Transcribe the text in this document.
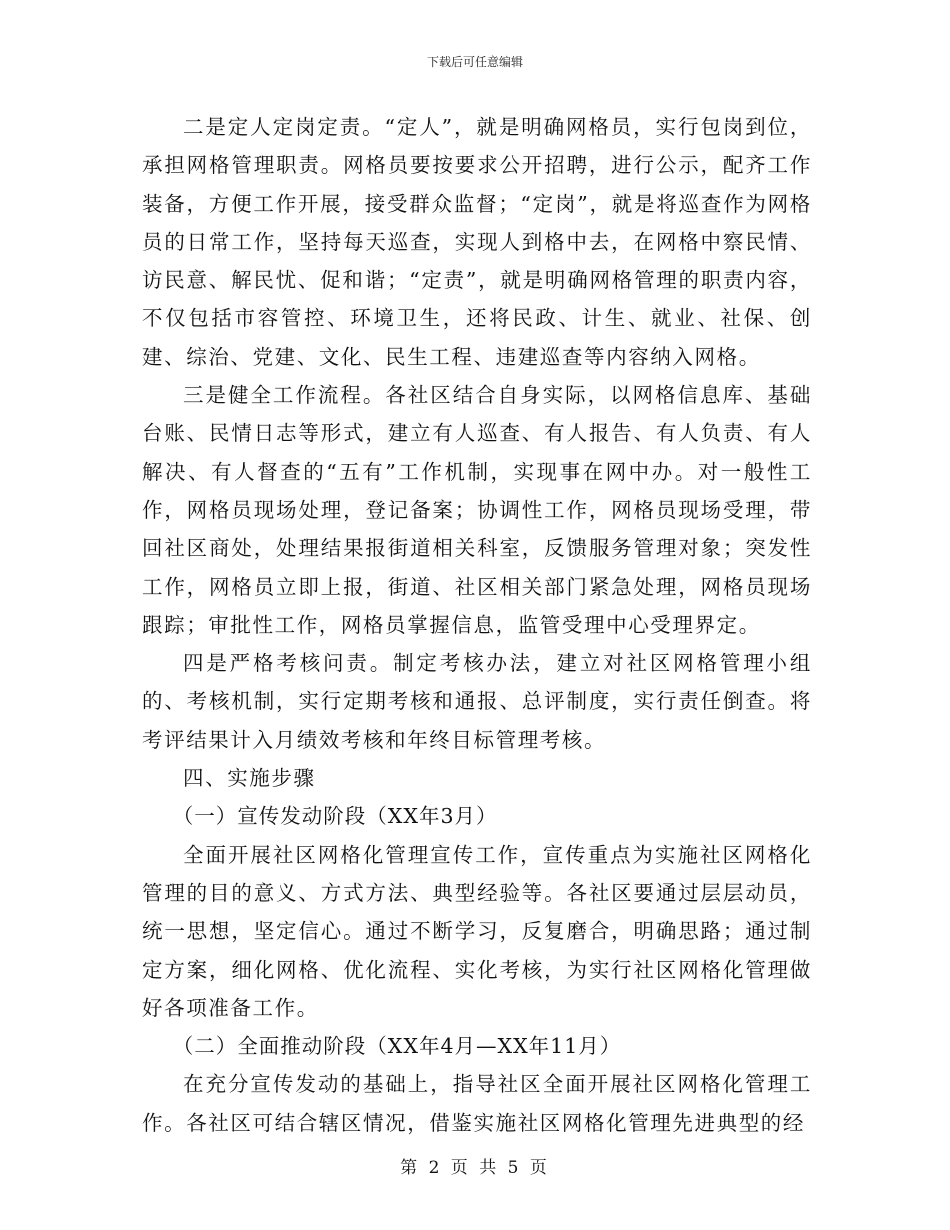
下载后可任意编辑

二是定人定岗定责。“定人”，就是明确网格员，实行包岗到位，承担网格管理职责。网格员要按要求公开招聘，进行公示，配齐工作装备，方便工作开展，接受群众监督；“定岗”，就是将巡查作为网格员的日常工作，坚持每天巡查，实现人到格中去，在网格中察民情、访民意、解民忧、促和谐；“定责”，就是明确网格管理的职责内容，不仅包括市容管控、环境卫生，还将民政、计生、就业、社保、创建、综治、党建、文化、民生工程、违建巡查等内容纳入网格。

三是健全工作流程。各社区结合自身实际，以网格信息库、基础台账、民情日志等形式，建立有人巡查、有人报告、有人负责、有人解决、有人督查的“五有”工作机制，实现事在网中办。对一般性工作，网格员现场处理，登记备案；协调性工作，网格员现场受理，带回社区商处，处理结果报街道相关科室，反馈服务管理对象；突发性工作，网格员立即上报，街道、社区相关部门紧急处理，网格员现场跟踪；审批性工作，网格员掌握信息，监管受理中心受理界定。

四是严格考核问责。制定考核办法，建立对社区网格管理小组的、考核机制，实行定期考核和通报、总评制度，实行责任倒查。将考评结果计入月绩效考核和年终目标管理考核。

四、实施步骤

（一）宣传发动阶段（XX年3月）

全面开展社区网格化管理宣传工作，宣传重点为实施社区网格化管理的目的意义、方式方法、典型经验等。各社区要通过层层动员，统一思想，坚定信心。通过不断学习，反复磨合，明确思路；通过制定方案，细化网格、优化流程、实化考核，为实行社区网格化管理做好各项准备工作。

（二）全面推动阶段（XX年4月—XX年11月）

在充分宣传发动的基础上，指导社区全面开展社区网格化管理工作。各社区可结合辖区情况，借鉴实施社区网格化管理先进典型的经

第 2 页 共 5 页
